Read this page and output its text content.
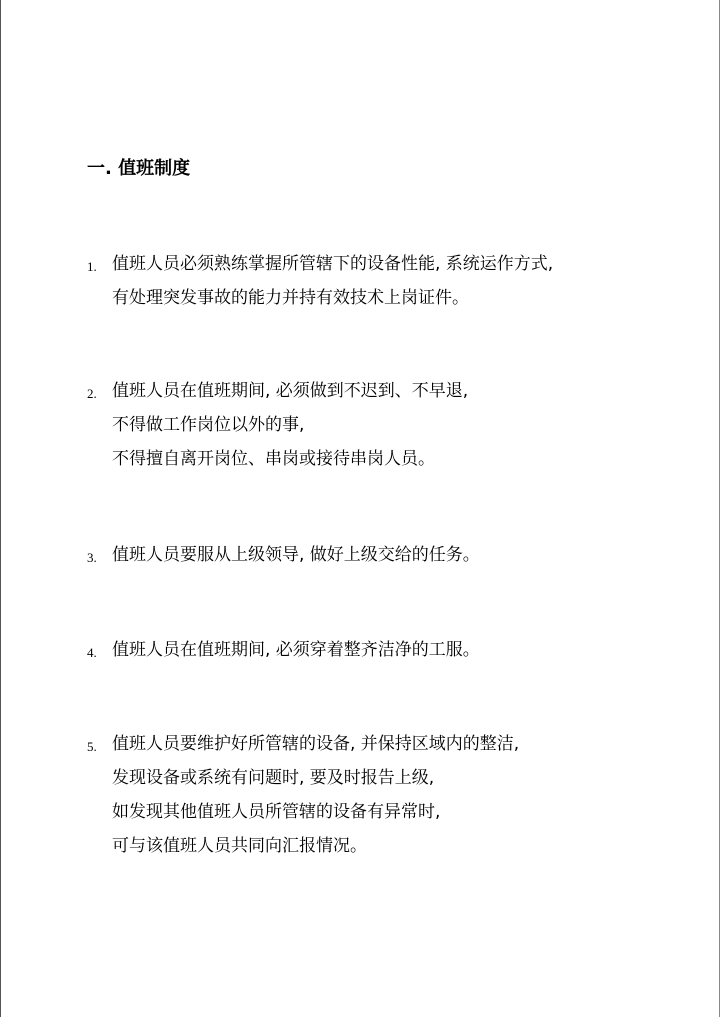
一. 值班制度
1. 值班人员必须熟练掌握所管辖下的设备性能, 系统运作方式,
有处理突发事故的能力并持有效技术上岗证件。
2. 值班人员在值班期间, 必须做到不迟到、不早退,
不得做工作岗位以外的事,
不得擅自离开岗位、串岗或接待串岗人员。
3. 值班人员要服从上级领导, 做好上级交给的任务。
4. 值班人员在值班期间, 必须穿着整齐洁净的工服。
5. 值班人员要维护好所管辖的设备, 并保持区域内的整洁,
发现设备或系统有问题时, 要及时报告上级,
如发现其他值班人员所管辖的设备有异常时,
可与该值班人员共同向汇报情况。
